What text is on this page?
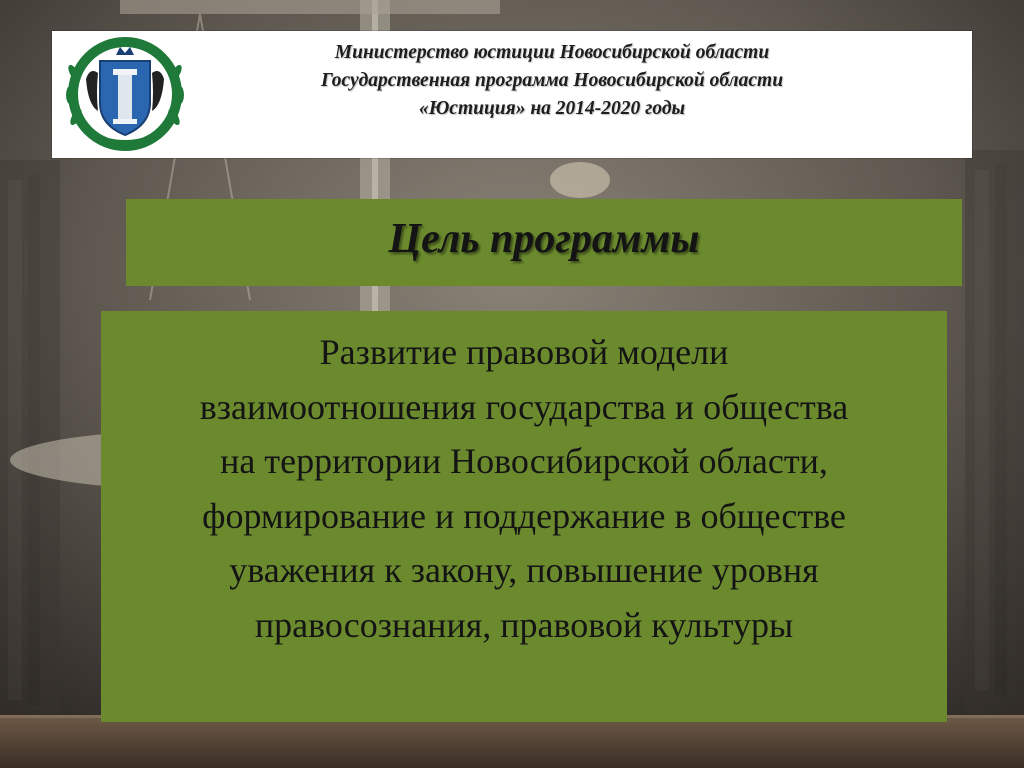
Министерство юстиции Новосибирской области
Государственная программа Новосибирской области
«Юстиция» на 2014-2020 годы
Цель программы
Развитие правовой модели
взаимоотношения государства и общества
на территории Новосибирской области,
формирование и поддержание в обществе
уважения к закону, повышение уровня
правосознания, правовой культуры
